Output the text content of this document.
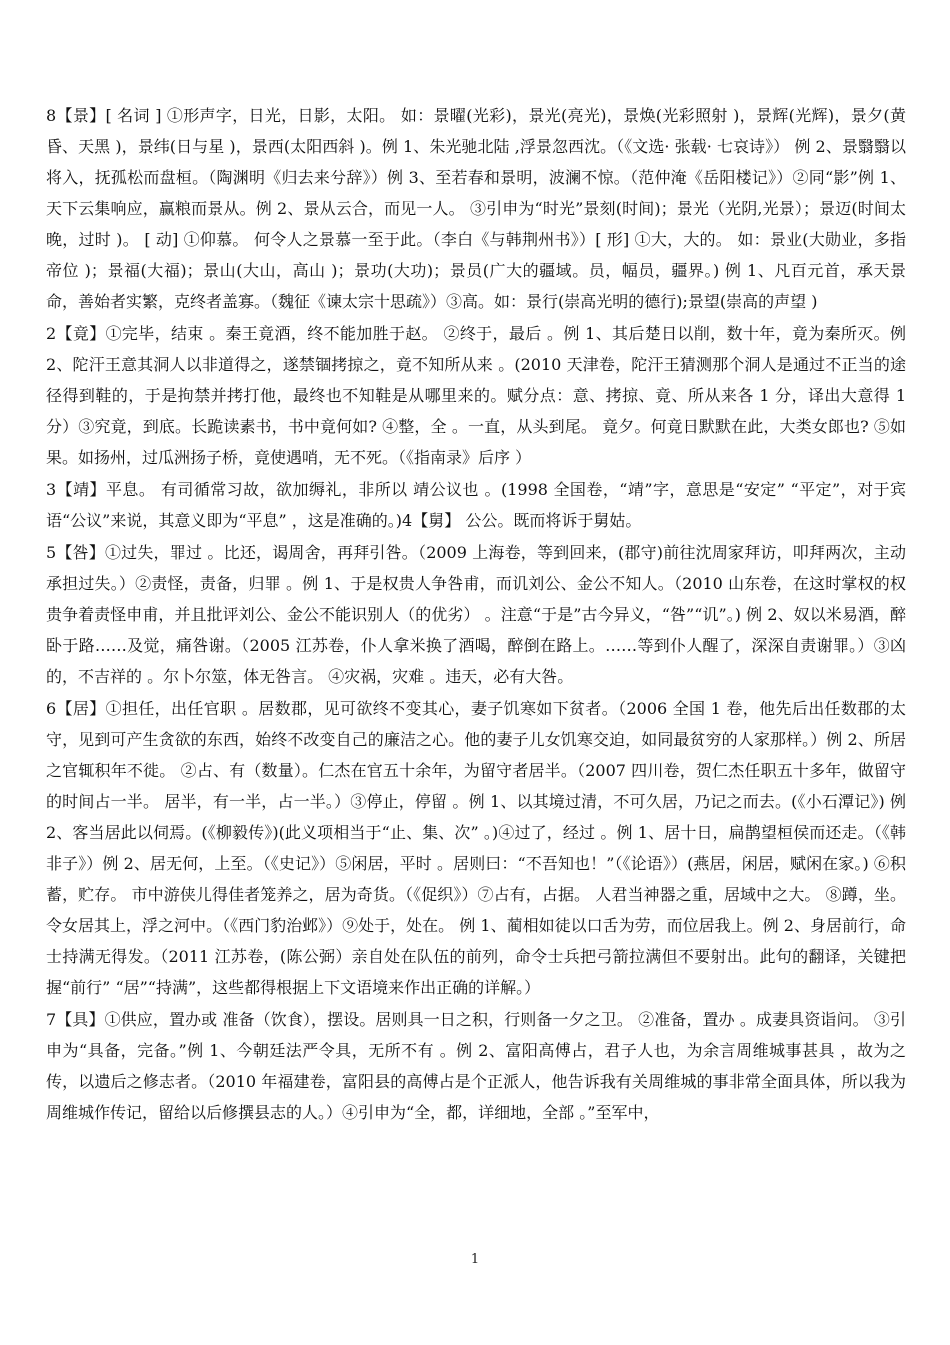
8【景】[ 名词 ] ①形声字，日光，日影，太阳。 如：景曜(光彩)，景光(亮光)，景焕(光彩照射 )，景辉(光辉)，景夕(黄昏、天黑 )，景纬(日与星 )，景西(太阳西斜 )。例 1、朱光驰北陆 ,浮景忽西沈。（《文选· 张载· 七哀诗》） 例 2、景翳翳以将入，抚孤松而盘桓。（陶渊明《归去来兮辞》）例 3、至若春和景明，波澜不惊。（范仲淹《岳阳楼记》）②同“影”例 1、天下云集响应，赢粮而景从。例 2、景从云合，而见一人。 ③引申为“时光”景刻(时间)；景光（光阴,光景）；景迈(时间太晚，过时 )。 [ 动] ①仰慕。 何令人之景慕一至于此。（李白《与韩荆州书》）[ 形] ①大，大的。 如：景业(大勋业，多指帝位 )；景福(大福)；景山(大山，高山 )；景功(大功)；景员(广大的疆域。员，幅员，疆界。) 例 1、凡百元首，承天景命，善始者实繁，克终者盖寡。（魏征《谏太宗十思疏》）③高。如：景行(崇高光明的德行);景望(崇高的声望 )

2【竟】①完毕，结束 。秦王竟酒，终不能加胜于赵。 ②终于，最后 。例 1、其后楚日以削，数十年，竟为秦所灭。例 2、陀汗王意其洞人以非道得之，遂禁锢拷掠之，竟不知所从来 。(2010 天津卷，陀汗王猜测那个洞人是通过不正当的途径得到鞋的，于是拘禁并拷打他，最终也不知鞋是从哪里来的。赋分点：意、拷掠、竟、所从来各 1 分，译出大意得 1 分）③究竟，到底。长跪读素书，书中竟何如? ④整，全 。一直，从头到尾。 竟夕。何竟日默默在此，大类女郎也? ⑤如果。如扬州，过瓜洲扬子桥，竟使遇哨，无不死。（《指南录》后序 ）

3【靖】平息。 有司循常习故，欲加缛礼，非所以 靖公议也 。(1998 全国卷，“靖”字，意思是“安定” “平定”，对于宾语“公议”来说，其意义即为“平息” ，这是准确的。)4【舅】 公公。既而将诉于舅姑。

5【咎】①过失，罪过 。比还，谒周舍，再拜引咎。（2009 上海卷，等到回来，(郡守)前往沈周家拜访，叩拜两次，主动承担过失。）②责怪，责备，归罪 。例 1、于是权贵人争咎甫，而讥刘公、金公不知人。（2010 山东卷，在这时掌权的权贵争着责怪申甫，并且批评刘公、金公不能识别人（的优劣） 。注意“于是”古今异义，“咎”“讥”。) 例 2、奴以米易酒，醉卧于路……及觉，痛咎谢。（2005 江苏卷，仆人拿米换了酒喝，醉倒在路上。……等到仆人醒了，深深自责谢罪。）③凶的，不吉祥的 。尔卜尔筮，体无咎言。 ④灾祸，灾难 。违天，必有大咎。

6【居】①担任，出任官职 。居数郡，见可欲终不变其心，妻子饥寒如下贫者。（2006 全国 1 卷，他先后出任数郡的太守，见到可产生贪欲的东西，始终不改变自己的廉洁之心。他的妻子儿女饥寒交迫，如同最贫穷的人家那样。）例 2、所居之官辄积年不徙。 ②占、有（数量）。仁杰在官五十余年，为留守者居半。（2007 四川卷，贺仁杰任职五十多年，做留守的时间占一半。 居半，有一半，占一半。）③停止，停留 。例 1、以其境过清，不可久居，乃记之而去。(《小石潭记》) 例 2、客当居此以伺焉。(《柳毅传》)(此义项相当于“止、集、次” 。)④过了，经过 。例 1、居十日，扁鹊望桓侯而还走。（《韩非子》）例 2、居无何，上至。（《史记》）⑤闲居，平时 。居则曰：“不吾知也！”（《论语》）(燕居，闲居，赋闲在家。) ⑥积蓄，贮存。 市中游侠儿得佳者笼养之，居为奇货。（《促织》）⑦占有，占据。 人君当神器之重，居域中之大。 ⑧蹲，坐。令女居其上，浮之河中。（《西门豹治邺》）⑨处于，处在。 例 1、蔺相如徒以口舌为劳，而位居我上。例 2、身居前行，命士持满无得发。（2011 江苏卷，(陈公弼）亲自处在队伍的前列，命令士兵把弓箭拉满但不要射出。此句的翻译，关键把握“前行” “居”“持满”，这些都得根据上下文语境来作出正确的详解。）

7【具】①供应，置办或 准备（饮食），摆设。居则具一日之积，行则备一夕之卫。 ②准备，置办 。成妻具资诣问。 ③引申为“具备，完备。”例 1、今朝廷法严令具，无所不有 。例 2、富阳高傅占，君子人也，为余言周维城事甚具 ，故为之传，以遗后之修志者。（2010 年福建卷，富阳县的高傅占是个正派人，他告诉我有关周维城的事非常全面具体，所以我为周维城作传记，留给以后修撰县志的人。）④引申为“全，都，详细地，全部 。”至军中，

1
